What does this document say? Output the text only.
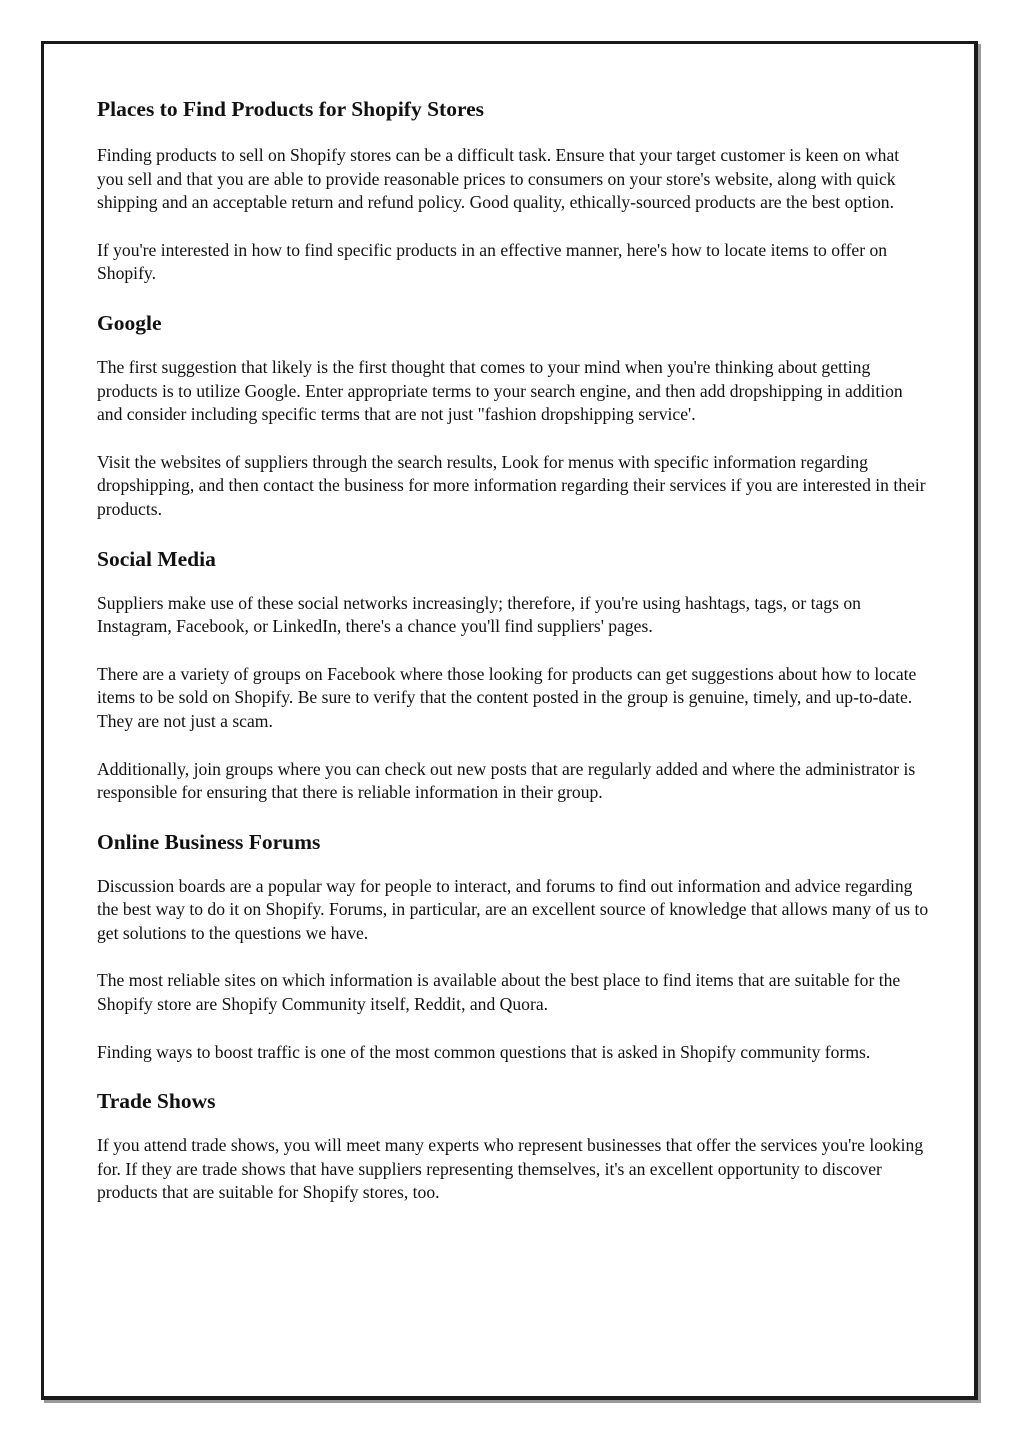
Places to Find Products for Shopify Stores

Finding products to sell on Shopify stores can be a difficult task. Ensure that your target customer is keen on what you sell and that you are able to provide reasonable prices to consumers on your store's website, along with quick shipping and an acceptable return and refund policy. Good quality, ethically-sourced products are the best option.

If you're interested in how to find specific products in an effective manner, here's how to locate items to offer on Shopify.

Google

The first suggestion that likely is the first thought that comes to your mind when you're thinking about getting products is to utilize Google. Enter appropriate terms to your search engine, and then add dropshipping in addition and consider including specific terms that are not just "fashion dropshipping service'.

Visit the websites of suppliers through the search results, Look for menus with specific information regarding dropshipping, and then contact the business for more information regarding their services if you are interested in their products.

Social Media

Suppliers make use of these social networks increasingly; therefore, if you're using hashtags, tags, or tags on Instagram, Facebook, or LinkedIn, there's a chance you'll find suppliers' pages.

There are a variety of groups on Facebook where those looking for products can get suggestions about how to locate items to be sold on Shopify. Be sure to verify that the content posted in the group is genuine, timely, and up-to-date. They are not just a scam.

Additionally, join groups where you can check out new posts that are regularly added and where the administrator is responsible for ensuring that there is reliable information in their group.

Online Business Forums

Discussion boards are a popular way for people to interact, and forums to find out information and advice regarding the best way to do it on Shopify. Forums, in particular, are an excellent source of knowledge that allows many of us to get solutions to the questions we have.

The most reliable sites on which information is available about the best place to find items that are suitable for the Shopify store are Shopify Community itself, Reddit, and Quora.

Finding ways to boost traffic is one of the most common questions that is asked in Shopify community forms.

Trade Shows

If you attend trade shows, you will meet many experts who represent businesses that offer the services you're looking for. If they are trade shows that have suppliers representing themselves, it's an excellent opportunity to discover products that are suitable for Shopify stores, too.
